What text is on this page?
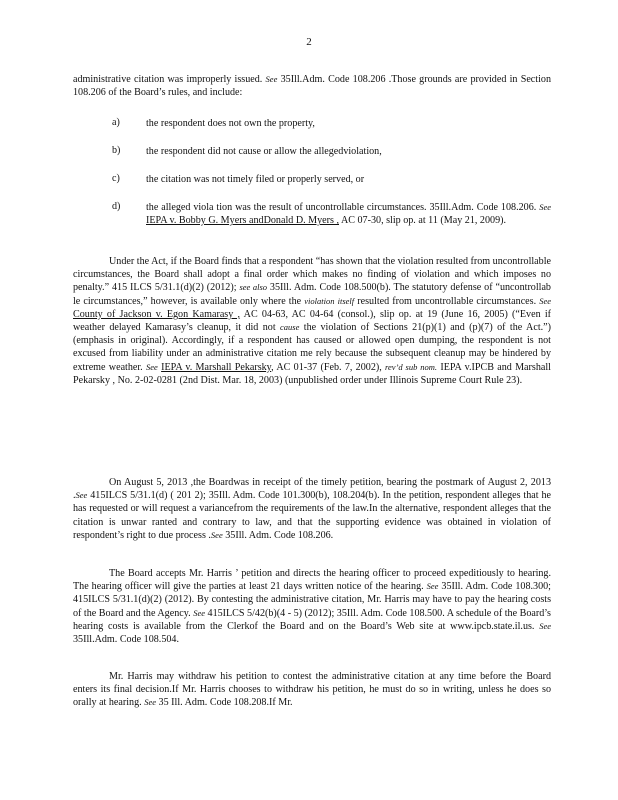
2
administrative citation was improperly issued. See 35Ill.Adm. Code 108.206 .Those grounds are provided in Section 108.206 of the Board’s rules, and include:
a)	the respondent does not own the property,
b)	the respondent did not cause or allow the allegedviolation,
c)	the citation was not timely filed or properly served, or
d)	the alleged viola tion was the result of uncontrollable circumstances. 35Ill.Adm. Code 108.206. See IEPA v. Bobby G. Myers andDonald D. Myers , AC 07-30, slip op. at 11 (May 21, 2009).
Under the Act, if the Board finds that a respondent “has shown that the violation resulted from uncontrollable circumstances, the Board shall adopt a final order which makes no finding of violation and which imposes no penalty.” 415 ILCS 5/31.1(d)(2) (2012); see also 35Ill. Adm. Code 108.500(b). The statutory defense of “uncontrollab le circumstances,” however, is available only where the violation itself resulted from uncontrollable circumstances. See County of Jackson v. Egon Kamarasy , AC 04-63, AC 04-64 (consol.), slip op. at 19 (June 16, 2005) (“Even if weather delayed Kamarasy’s cleanup, it did not cause the violation of Sections 21(p)(1) and (p)(7) of the Act.”) (emphasis in original). Accordingly, if a respondent has caused or allowed open dumping, the respondent is not excused from liability under an administrative citation me rely because the subsequent cleanup may be hindered by extreme weather. See IEPA v. Marshall Pekarsky, AC 01-37 (Feb. 7, 2002), rev’d sub nom. IEPA v.IPCB and Marshall Pekarsky , No. 2-02-0281 (2nd Dist. Mar. 18, 2003) (unpublished order under Illinois Supreme Court Rule 23).
On August 5, 2013 ,the Boardwas in receipt of the timely petition, bearing the postmark of August 2, 2013 .See 415ILCS 5/31.1(d) ( 201 2); 35Ill. Adm. Code 101.300(b), 108.204(b). In the petition, respondent alleges that he has requested or will request a variancefrom the requirements of the law.In the alternative, respondent alleges that the citation is unwar ranted and contrary to law, and that the supporting evidence was obtained in violation of respondent’s right to due process .See 35Ill. Adm. Code 108.206.
The Board accepts Mr. Harris ’ petition and directs the hearing officer to proceed expeditiously to hearing. The hearing officer will give the parties at least 21 days written notice of the hearing. See 35Ill. Adm. Code 108.300; 415ILCS 5/31.1(d)(2) (2012). By contesting the administrative citation, Mr. Harris may have to pay the hearing costs of the Board and the Agency. See 415ILCS 5/42(b)(4 - 5) (2012); 35Ill. Adm. Code 108.500. A schedule of the Board’s hearing costs is available from the Clerkof the Board and on the Board’s Web site at www.ipcb.state.il.us. See 35Ill.Adm. Code 108.504.
Mr. Harris may withdraw his petition to contest the administrative citation at any time before the Board enters its final decision.If Mr. Harris chooses to withdraw his petition, he must do so in writing, unless he does so orally at hearing. See 35 Ill. Adm. Code 108.208.If Mr.
